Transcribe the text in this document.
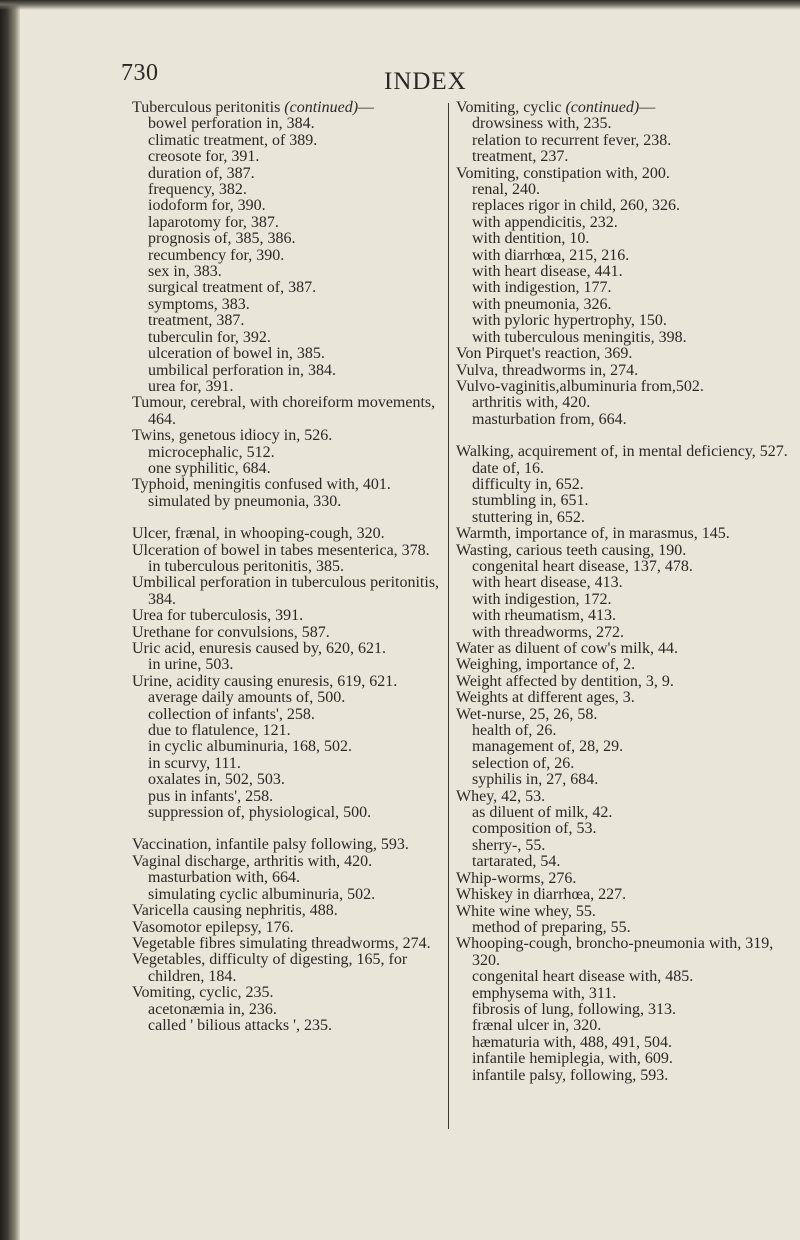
730	INDEX
Tuberculous peritonitis (continued)—
bowel perforation in, 384.
climatic treatment, of 389.
creosote for, 391.
duration of, 387.
frequency, 382.
iodoform for, 390.
laparotomy for, 387.
prognosis of, 385, 386.
recumbency for, 390.
sex in, 383.
surgical treatment of, 387.
symptoms, 383.
treatment, 387.
tuberculin for, 392.
ulceration of bowel in, 385.
umbilical perforation in, 384.
urea for, 391.
Tumour, cerebral, with choreiform movements, 464.
Twins, genetous idiocy in, 526.
microcephalic, 512.
one syphilitic, 684.
Typhoid, meningitis confused with, 401.
simulated by pneumonia, 330.
Ulcer, frænal, in whooping-cough, 320.
Ulceration of bowel in tabes mesenterica, 378.
in tuberculous peritonitis, 385.
Umbilical perforation in tuberculous peritonitis, 384.
Urea for tuberculosis, 391.
Urethane for convulsions, 587.
Uric acid, enuresis caused by, 620, 621.
in urine, 503.
Urine, acidity causing enuresis, 619, 621.
average daily amounts of, 500.
collection of infants', 258.
due to flatulence, 121.
in cyclic albuminuria, 168, 502.
in scurvy, 111.
oxalates in, 502, 503.
pus in infants', 258.
suppression of, physiological, 500.
Vaccination, infantile palsy following, 593.
Vaginal discharge, arthritis with, 420.
masturbation with, 664.
simulating cyclic albuminuria, 502.
Varicella causing nephritis, 488.
Vasomotor epilepsy, 176.
Vegetable fibres simulating threadworms, 274.
Vegetables, difficulty of digesting, 165, for children, 184.
Vomiting, cyclic, 235.
acetonæmia in, 236.
called ' bilious attacks ', 235.
Vomiting, cyclic (continued)—
drowsiness with, 235.
relation to recurrent fever, 238.
treatment, 237.
Vomiting, constipation with, 200.
renal, 240.
replaces rigor in child, 260, 326.
with appendicitis, 232.
with dentition, 10.
with diarrhœa, 215, 216.
with heart disease, 441.
with indigestion, 177.
with pneumonia, 326.
with pyloric hypertrophy, 150.
with tuberculous meningitis, 398.
Von Pirquet's reaction, 369.
Vulva, threadworms in, 274.
Vulvo-vaginitis,albuminuria from,502.
arthritis with, 420.
masturbation from, 664.
Walking, acquirement of, in mental deficiency, 527.
date of, 16.
difficulty in, 652.
stumbling in, 651.
stuttering in, 652.
Warmth, importance of, in marasmus, 145.
Wasting, carious teeth causing, 190.
congenital heart disease, 137, 478.
with heart disease, 413.
with indigestion, 172.
with rheumatism, 413.
with threadworms, 272.
Water as diluent of cow's milk, 44.
Weighing, importance of, 2.
Weight affected by dentition, 3, 9.
Weights at different ages, 3.
Wet-nurse, 25, 26, 58.
health of, 26.
management of, 28, 29.
selection of, 26.
syphilis in, 27, 684.
Whey, 42, 53.
as diluent of milk, 42.
composition of, 53.
sherry-, 55.
tartarated, 54.
Whip-worms, 276.
Whiskey in diarrhœa, 227.
White wine whey, 55.
method of preparing, 55.
Whooping-cough, broncho-pneumonia with, 319, 320.
congenital heart disease with, 485.
emphysema with, 311.
fibrosis of lung, following, 313.
frænal ulcer in, 320.
hæmaturia with, 488, 491, 504.
infantile hemiplegia, with, 609.
infantile palsy, following, 593.
